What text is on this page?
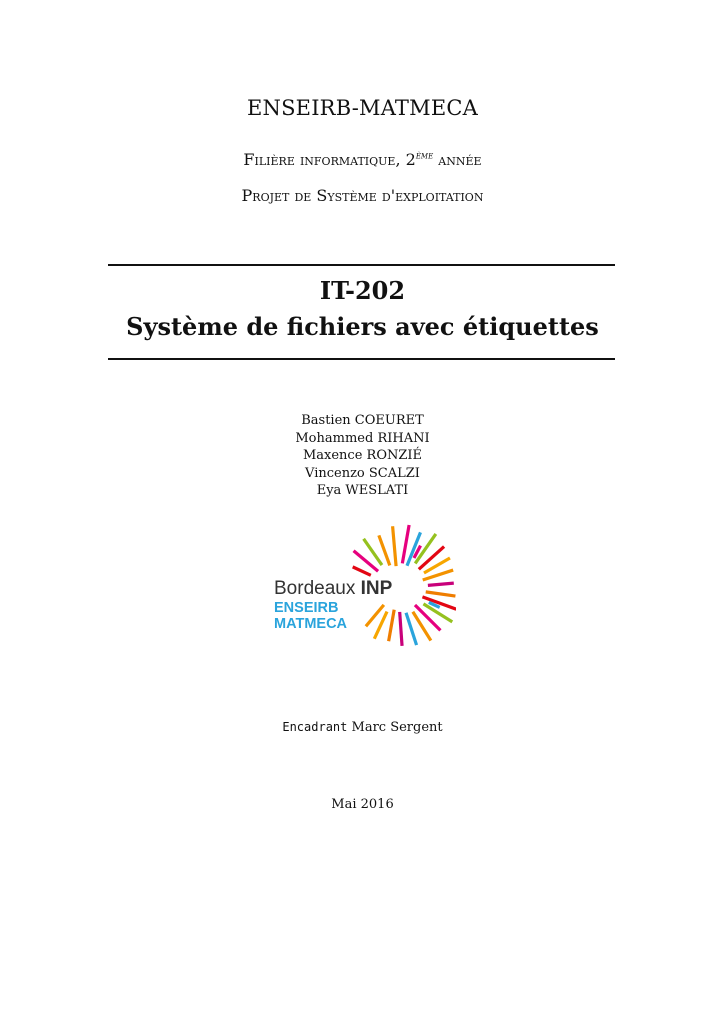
ENSEIRB-MATMECA
Filière informatique, 2ème année
Projet de Système d'exploitation
IT-202
Système de fichiers avec étiquettes
Bastien COEURET
Mohammed RIHANI
Maxence RONZIÉ
Vincenzo SCALZI
Eya WESLATI
Bordeaux INP
ENSEIRB
MATMECA
Encadrant Marc Sergent
Mai 2016
